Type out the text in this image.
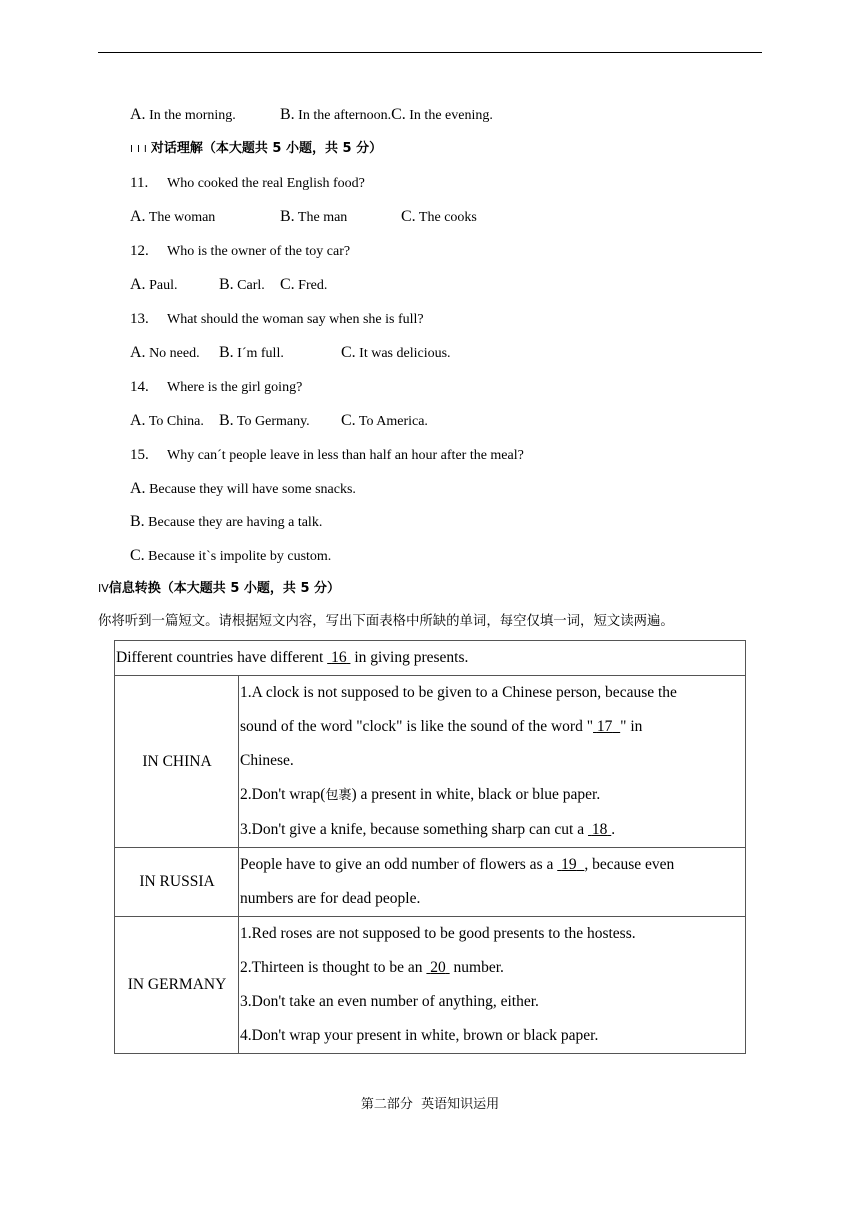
A. In the morning.	B. In the afternoon.C. In the evening.
III对话理解（本大题共 5 小题，共 5 分）
11. Who cooked the real English food?
A. The woman	B. The man	C. The cooks
12. Who is the owner of the toy car?
A. Paul.	B. Carl. C. Fred.
13. What should the woman say when she is full?
A. No need. B. I´m full.	C. It was delicious.
14. Where is the girl going?
A. To China. B. To Germany. C. To America.
15. Why can´t people leave in less than half an hour after the meal?
A. Because they will have some snacks.
B. Because they are having a talk.
C. Because it`s impolite by custom.
IV信息转换（本大题共 5 小题，共 5 分）
你将听到一篇短文。请根据短文内容，写出下面表格中所缺的单词，每空仅填一词，短文读两遍。
Different countries have different 16 in giving presents.	

IN CHINA	1.A clock is not supposed to be given to a Chinese person, because the
sound of the word "clock" is like the sound of the word " 17 " in
Chinese.
2.Don't wrap(包裹) a present in white, black or blue paper.
3.Don't give a knife, because something sharp can cut a 18 .

IN RUSSIA	People have to give an odd number of flowers as a 19 , because even
numbers are for dead people.

IN GERMANY	1.Red roses are not supposed to be good presents to the hostess.
2.Thirteen is thought to be an 20 number.
3.Don't take an even number of anything, either.
4.Don't wrap your present in white, brown or black paper.
第二部分 英语知识运用
